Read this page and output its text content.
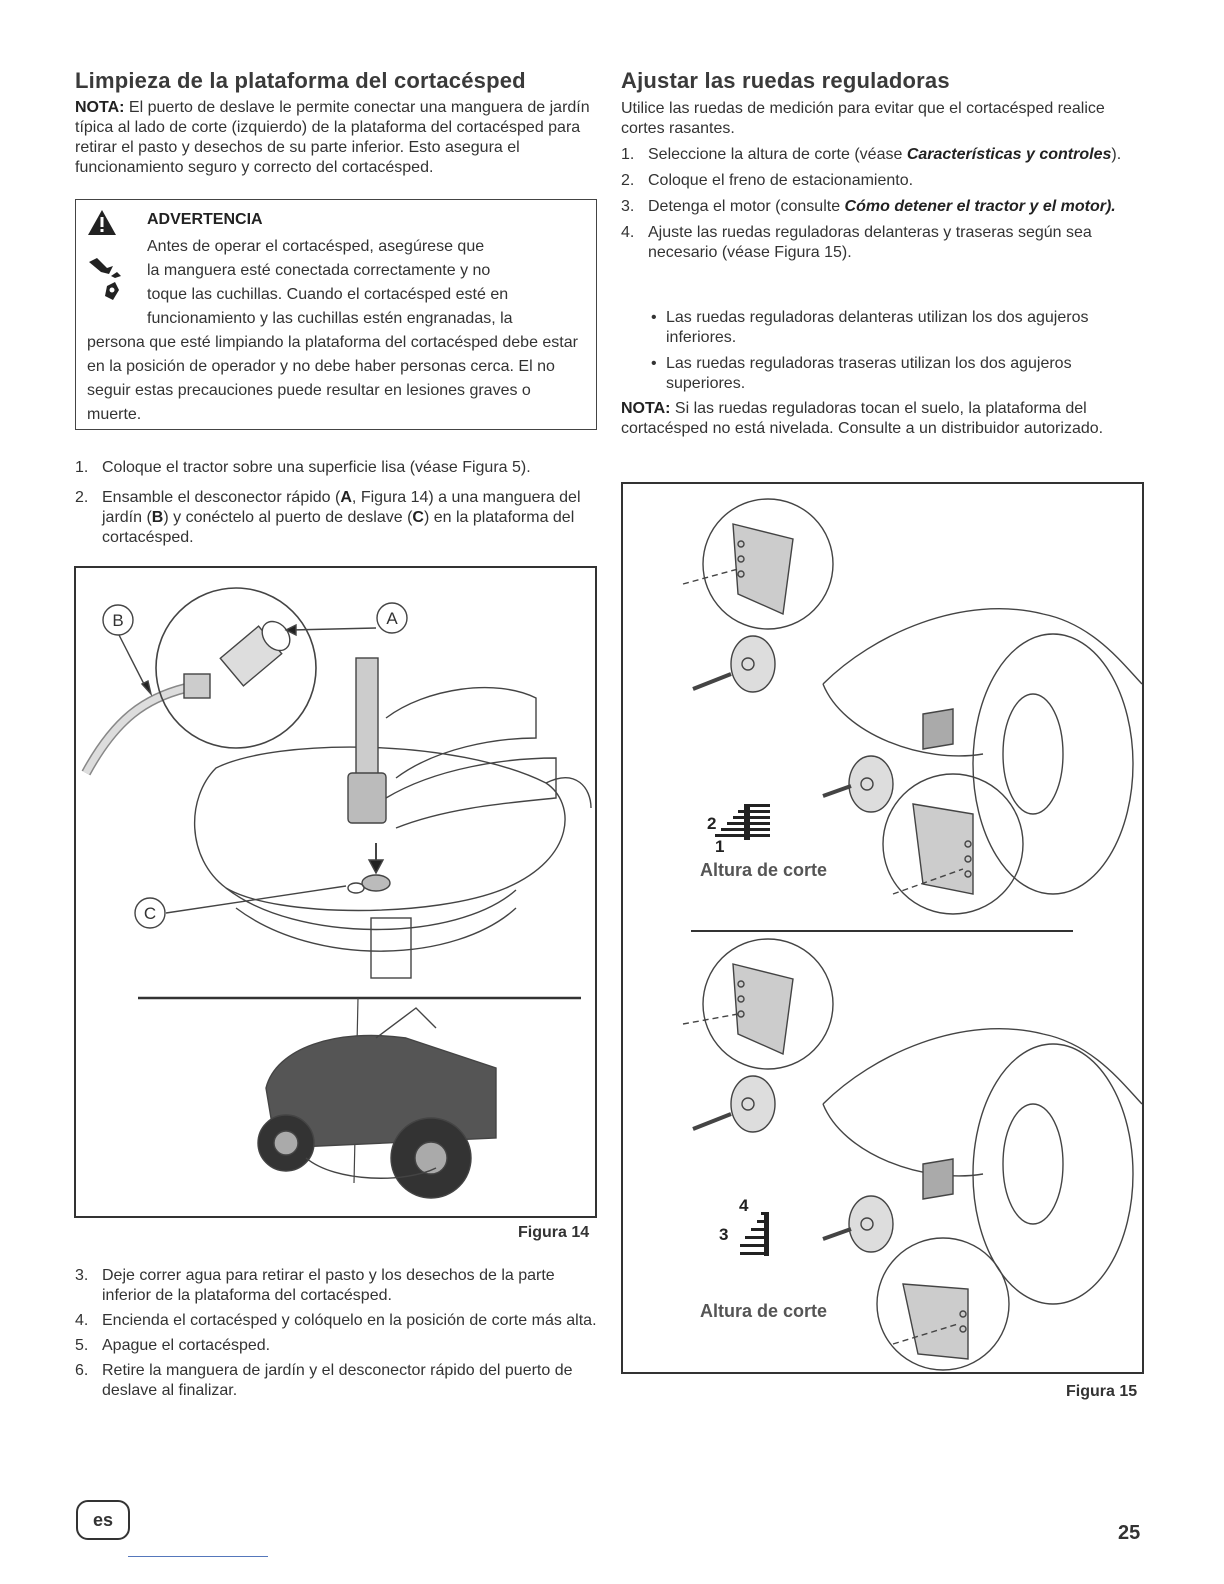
Limpieza de la plataforma del cortacésped

NOTA: El puerto de deslave le permite conectar una manguera de jardín típica al lado de corte (izquierdo) de la plataforma del cortacésped para retirar el pasto y desechos de su parte inferior. Esto asegura el funcionamiento seguro y correcto del cortacésped.

ADVERTENCIA
Antes de operar el cortacésped, asegúrese que
la manguera esté conectada correctamente y no
toque las cuchillas. Cuando el cortacésped esté en
funcionamiento y las cuchillas estén engranadas, la
persona que esté limpiando la plataforma del cortacésped debe estar en la posición de operador y no debe haber personas cerca. El no seguir estas precauciones puede resultar en lesiones graves o muerte.
1. Coloque el tractor sobre una superficie lisa (véase Figura 5).
2. Ensamble el desconector rápido (A, Figura 14) a una manguera del jardín (B) y conéctelo al puerto de deslave (C) en la plataforma del cortacésped.
B	A
C
Figura 14
3. Deje correr agua para retirar el pasto y los desechos de la parte inferior de la plataforma del cortacésped.
4. Encienda el cortacésped y colóquelo en la posición de corte más alta.
5. Apague el cortacésped.
6. Retire la manguera de jardín y el desconector rápido del puerto de deslave al finalizar.
Ajustar las ruedas reguladoras

Utilice las ruedas de medición para evitar que el cortacésped realice cortes rasantes.

1. Seleccione la altura de corte (véase Características y controles).
2. Coloque el freno de estacionamiento.
3. Detenga el motor (consulte Cómo detener el tractor y el motor).
4. Ajuste las ruedas reguladoras delanteras y traseras según sea necesario (véase Figura 15).
• Las ruedas reguladoras delanteras utilizan los dos agujeros inferiores.
• Las ruedas reguladoras traseras utilizan los dos agujeros superiores.

NOTA: Si las ruedas reguladoras tocan el suelo, la plataforma del cortacésped no está nivelada. Consulte a un distribuidor autorizado.

2
1
Altura de corte
4
3
Altura de corte
Figura 15
es
25
